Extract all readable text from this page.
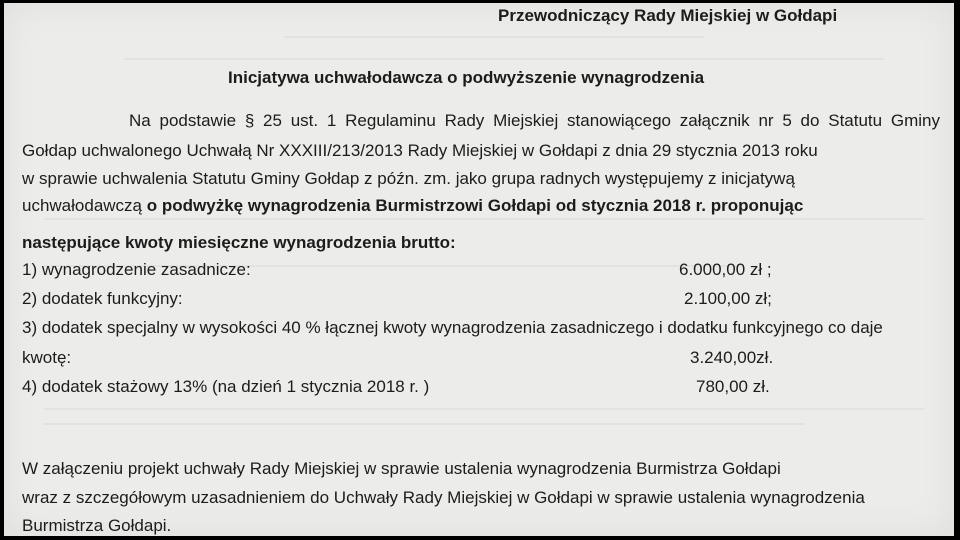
Przewodniczący Rady Miejskiej w Gołdapi
Inicjatywa uchwałodawcza o podwyższenie wynagrodzenia
Na podstawie § 25 ust. 1 Regulaminu Rady Miejskiej stanowiącego załącznik nr 5 do Statutu Gminy
Gołdap uchwalonego Uchwałą Nr XXXIII/213/2013 Rady Miejskiej w Gołdapi z dnia 29 stycznia 2013 roku
w sprawie uchwalenia Statutu Gminy Gołdap z późn. zm. jako grupa radnych występujemy z inicjatywą
uchwałodawczą o podwyżkę wynagrodzenia Burmistrzowi Gołdapi od stycznia 2018 r. proponując
następujące kwoty miesięczne wynagrodzenia brutto:
1) wynagrodzenie zasadnicze:	6.000,00 zł ;
2) dodatek funkcyjny:	2.100,00 zł;
3) dodatek specjalny w wysokości 40 % łącznej kwoty wynagrodzenia zasadniczego i dodatku funkcyjnego co daje
kwotę:	3.240,00zł.
4) dodatek stażowy 13% (na dzień 1 stycznia 2018 r. )	780,00 zł.
W załączeniu projekt uchwały Rady Miejskiej w sprawie ustalenia wynagrodzenia Burmistrza Gołdapi
wraz z szczegółowym uzasadnieniem do Uchwały Rady Miejskiej w Gołdapi w sprawie ustalenia wynagrodzenia
Burmistrza Gołdapi.
